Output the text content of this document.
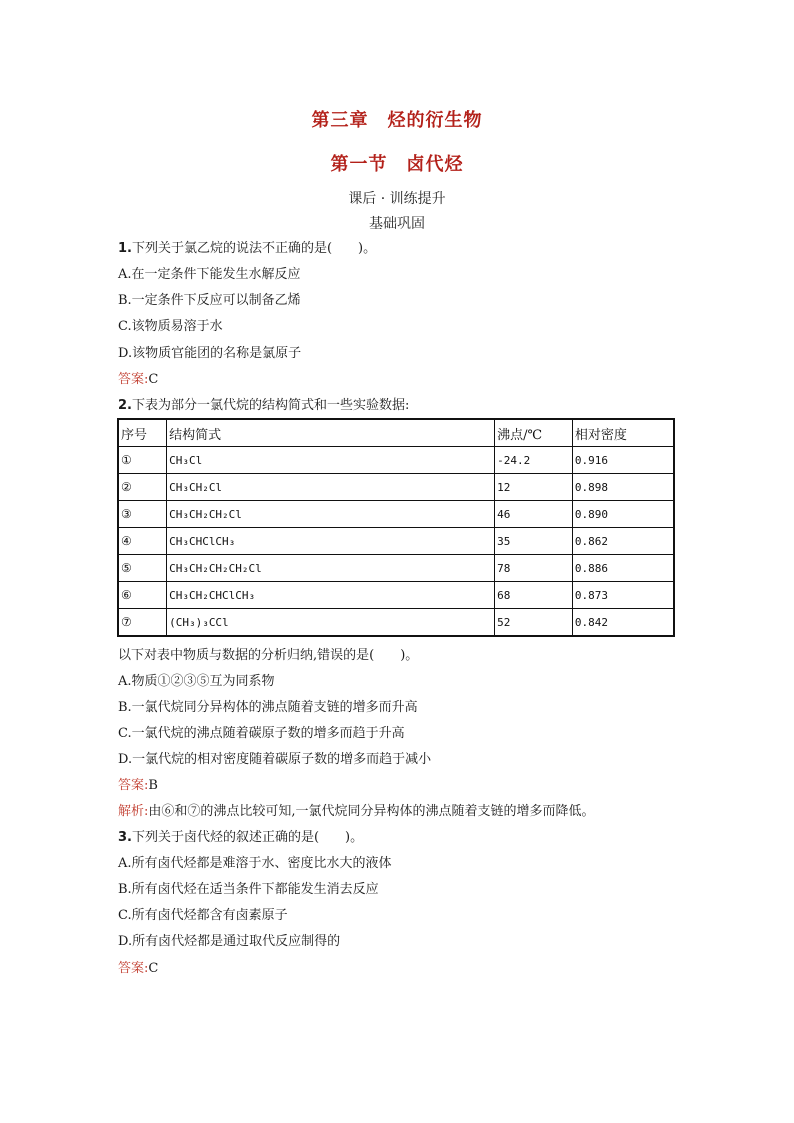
第三章　烃的衍生物
第一节　卤代烃
课后 · 训练提升
基础巩固
1.下列关于氯乙烷的说法不正确的是(　　)。
A.在一定条件下能发生水解反应
B.一定条件下反应可以制备乙烯
C.该物质易溶于水
D.该物质官能团的名称是氯原子
答案:C
2.下表为部分一氯代烷的结构简式和一些实验数据:
序号	结构简式	沸点/℃	相对密度
①	CH₃Cl	-24.2	0.916
②	CH₃CH₂Cl	12	0.898
③	CH₃CH₂CH₂Cl	46	0.890
④	CH₃CHClCH₃	35	0.862
⑤	CH₃CH₂CH₂CH₂Cl	78	0.886
⑥	CH₃CH₂CHClCH₃	68	0.873
⑦	(CH₃)₃CCl	52	0.842
以下对表中物质与数据的分析归纳,错误的是(　　)。
A.物质①②③⑤互为同系物
B.一氯代烷同分异构体的沸点随着支链的增多而升高
C.一氯代烷的沸点随着碳原子数的增多而趋于升高
D.一氯代烷的相对密度随着碳原子数的增多而趋于减小
答案:B
解析:由⑥和⑦的沸点比较可知,一氯代烷同分异构体的沸点随着支链的增多而降低。
3.下列关于卤代烃的叙述正确的是(　　)。
A.所有卤代烃都是难溶于水、密度比水大的液体
B.所有卤代烃在适当条件下都能发生消去反应
C.所有卤代烃都含有卤素原子
D.所有卤代烃都是通过取代反应制得的
答案:C
